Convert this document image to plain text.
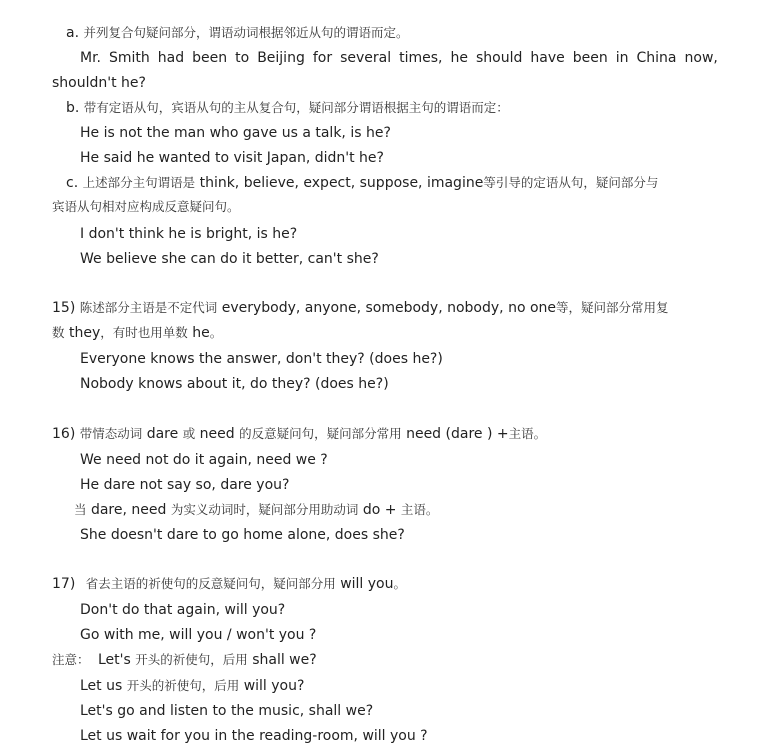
a. 并列复合句疑问部分，谓语动词根据邻近从句的谓语而定。
Mr. Smith had been to Beijing for several times, he should have been in China now,
shouldn't he?
b. 带有定语从句，宾语从句的主从复合句，疑问部分谓语根据主句的谓语而定：
He is not the man who gave us a talk, is he?
He said he wanted to visit Japan, didn't he?
c. 上述部分主句谓语是 think, believe, expect, suppose, imagine等引导的定语从句，疑问部分与
宾语从句相对应构成反意疑问句。
I don't think he is bright, is he?
We believe she can do it better, can't she?
15) 陈述部分主语是不定代词 everybody, anyone, somebody, nobody, no one等，疑问部分常用复
数 they，有时也用单数 he。
Everyone knows the answer, don't they? (does he?)
Nobody knows about it, do they? (does he?)
16) 带情态动词 dare 或 need 的反意疑问句，疑问部分常用 need (dare ) +主语。
We need not do it again, need we ?
He dare not say so, dare you?
当 dare, need 为实义动词时，疑问部分用助动词 do + 主语。
She doesn't dare to go home alone, does she?
17) 省去主语的祈使句的反意疑问句，疑问部分用 will you。
Don't do that again, will you?
Go with me, will you / won't you ?
注意： Let's 开头的祈使句，后用 shall we?
Let us 开头的祈使句，后用 will you?
Let's go and listen to the music, shall we?
Let us wait for you in the reading-room, will you ?
